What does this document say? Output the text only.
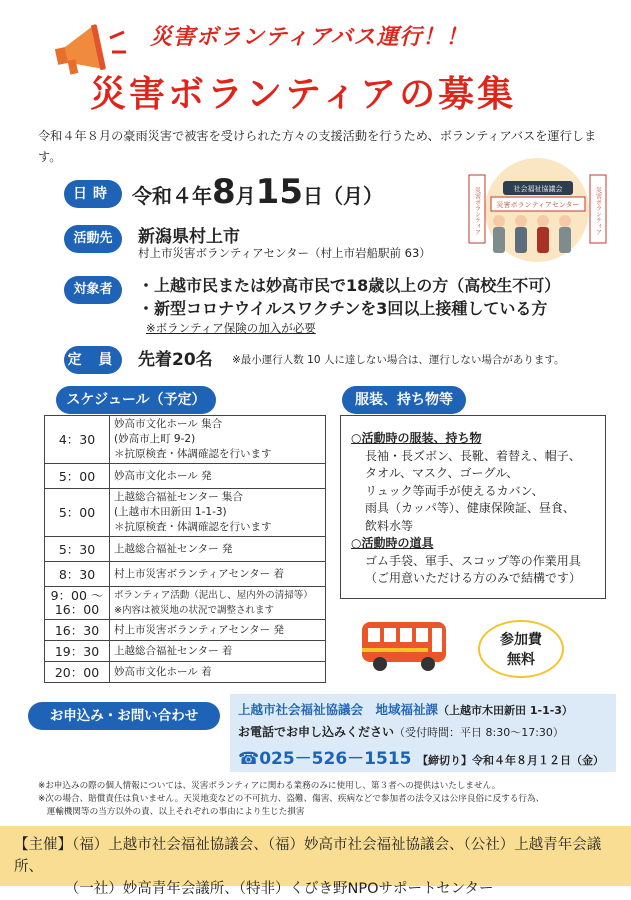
災害ボランティアバス運行！！
災害ボランティアの募集
令和４年８月の豪雨災害で被害を受けられた方々の支援活動を行うため、ボランティアバスを運行します。
日時 令和４年8月15日（月）	災害ボランティア	災害ボランティア
社会福祉協議会
災害ボランティアセンター
活動先	新潟県村上市
村上市災害ボランティアセンター（村上市岩船駅前 63）
対象者	・上越市民または妙高市民で18歳以上の方（高校生不可）
・新型コロナウイルスワクチンを3回以上接種している方
※ボランティア保険の加入が必要
定 員 先着20名 ※最小運行人数 10 人に達しない場合は、運行しない場合があります。
スケジュール（予定）
4：30	妙高市文化ホール 集合
(妙高市上町 9-2)
＊抗原検査・体調確認を行います

5：00	妙高市文化ホール 発

5：00	上越総合福祉センター 集合
(上越市木田新田 1-1-3)
＊抗原検査・体調確認を行います

5：30	上越総合福祉センター 発

8：30	村上市災害ボランティアセンター 着

9：00 〜 16：00	ボランティア活動（泥出し、屋内外の清掃等）
※内容は被災地の状況で調整されます

16：30	村上市災害ボランティアセンター 発

19：30	上越総合福祉センター 着

20：00	妙高市文化ホール 着
服装、持ち物等
○活動時の服装、持ち物
長袖・長ズボン、長靴、着替え、帽子、
タオル、マスク、ゴーグル、
リュック等両手が使えるカバン、
雨具（カッパ等）、健康保険証、昼食、
飲料水等
○活動時の道具
ゴム手袋、軍手、スコップ等の作業用具
（ご用意いただける方のみで結構です）
参加費
無料
お申込み・お問い合わせ	上越市社会福祉協議会　地域福祉課（上越市木田新田 1-1-3）
お電話でお申し込みください（受付時間：平日 8:30〜17:30）
☎025－526－1515 【締切り】令和４年８月１２日（金）
※お申込みの際の個人情報については、災害ボランティアに関わる業務のみに使用し、第３者への提供はいたしません。
※次の場合、賠償責任は負いません。天災地変などの不可抗力、盗難、傷害、疾病などで参加者の法令又は公序良俗に反する行為、
　運輸機関等の当方以外の責、以上それぞれの事由により生じた損害
【主催】（福）上越市社会福祉協議会、（福）妙高市社会福祉協議会、（公社）上越青年会議所、
　　　　（一社）妙高青年会議所、（特非）くびき野NPOサポートセンター
